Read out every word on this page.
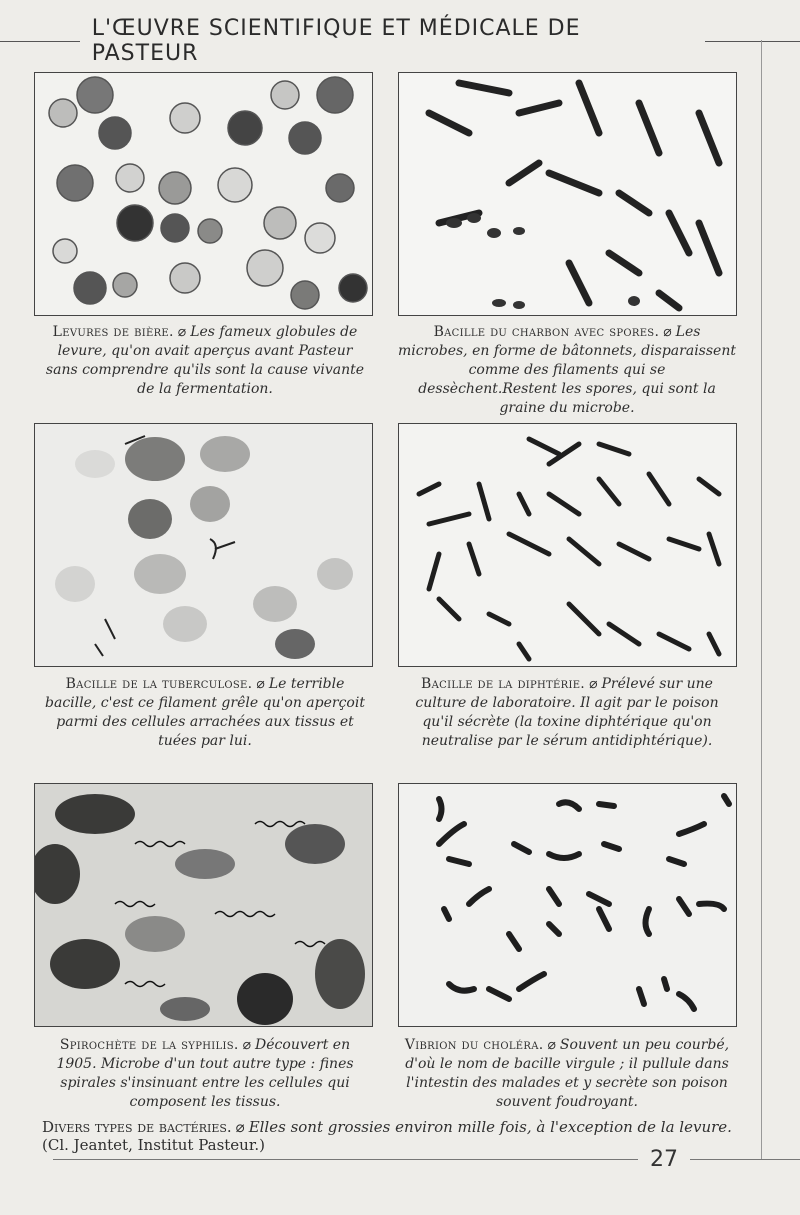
L'ŒUVRE SCIENTIFIQUE ET MÉDICALE DE PASTEUR
Levures de bière. ⌀ Les fameux globules de levure, qu'on avait aperçus avant Pasteur sans comprendre qu'ils sont la cause vivante de la fermentation.
Bacille du charbon avec spores. ⌀ Les microbes, en forme de bâtonnets, disparaissent comme des filaments qui se dessèchent.Restent les spores, qui sont la graine du microbe.
Bacille de la tuberculose. ⌀ Le terrible bacille, c'est ce filament grêle qu'on aperçoit parmi des cellules arrachées aux tissus et tuées par lui.
Bacille de la diphtérie. ⌀ Prélevé sur une culture de laboratoire. Il agit par le poison qu'il sécrète (la toxine diphtérique qu'on neutralise par le sérum antidiphtérique).
Spirochète de la syphilis. ⌀ Découvert en 1905. Microbe d'un tout autre type : fines spirales s'insinuant entre les cellules qui composent les tissus.
Vibrion du choléra. ⌀ Souvent un peu courbé, d'où le nom de bacille virgule ; il pullule dans l'intestin des malades et y secrète son poison souvent foudroyant.
Divers types de bactéries. ⌀ Elles sont grossies environ mille fois, à l'exception de la levure. (Cl. Jeantet, Institut Pasteur.)
27
